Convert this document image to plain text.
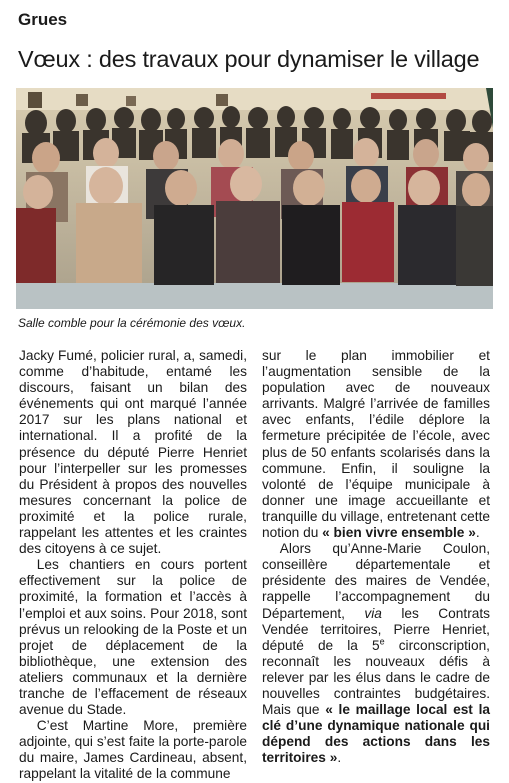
Grues
Vœux : des travaux pour dynamiser le village
Salle comble pour la cérémonie des vœux.

Jacky Fumé, policier rural, a, samedi, comme d’habitude, entamé les discours, faisant un bilan des événements qui ont marqué l’année 2017 sur les plans national et international. Il a profité de la présence du député Pierre Henriet pour l’interpeller sur les promesses du Président à propos des nouvelles mesures concernant la police de proximité et la police rurale, rappelant les attentes et les craintes des citoyens à ce sujet.

Les chantiers en cours portent effectivement sur la police de proximité, la formation et l’accès à l’emploi et aux soins. Pour 2018, sont prévus un relooking de la Poste et un projet de déplacement de la bibliothèque, une extension des ateliers communaux et la dernière tranche de l’effacement de réseaux avenue du Stade.

C’est Martine More, première adjointe, qui s’est faite la porte-parole du maire, James Cardineau, absent, rappelant la vitalité de la commune

sur le plan immobilier et l’augmentation sensible de la population avec de nouveaux arrivants. Malgré l’arrivée de familles avec enfants, l’édile déplore la fermeture précipitée de l’école, avec plus de 50 enfants scolarisés dans la commune. Enfin, il souligne la volonté de l’équipe municipale à donner une image accueillante et tranquille du village, entretenant cette notion du « bien vivre ensemble ».

Alors qu’Anne-Marie Coulon, conseillère départementale et présidente des maires de Vendée, rappelle l’accompagnement du Département, via les Contrats Vendée territoires, Pierre Henriet, député de la 5e circonscription, reconnaît les nouveaux défis à relever par les élus dans le cadre de nouvelles contraintes budgétaires. Mais que « le maillage local est la clé d’une dynamique nationale qui dépend des actions dans les territoires ».
